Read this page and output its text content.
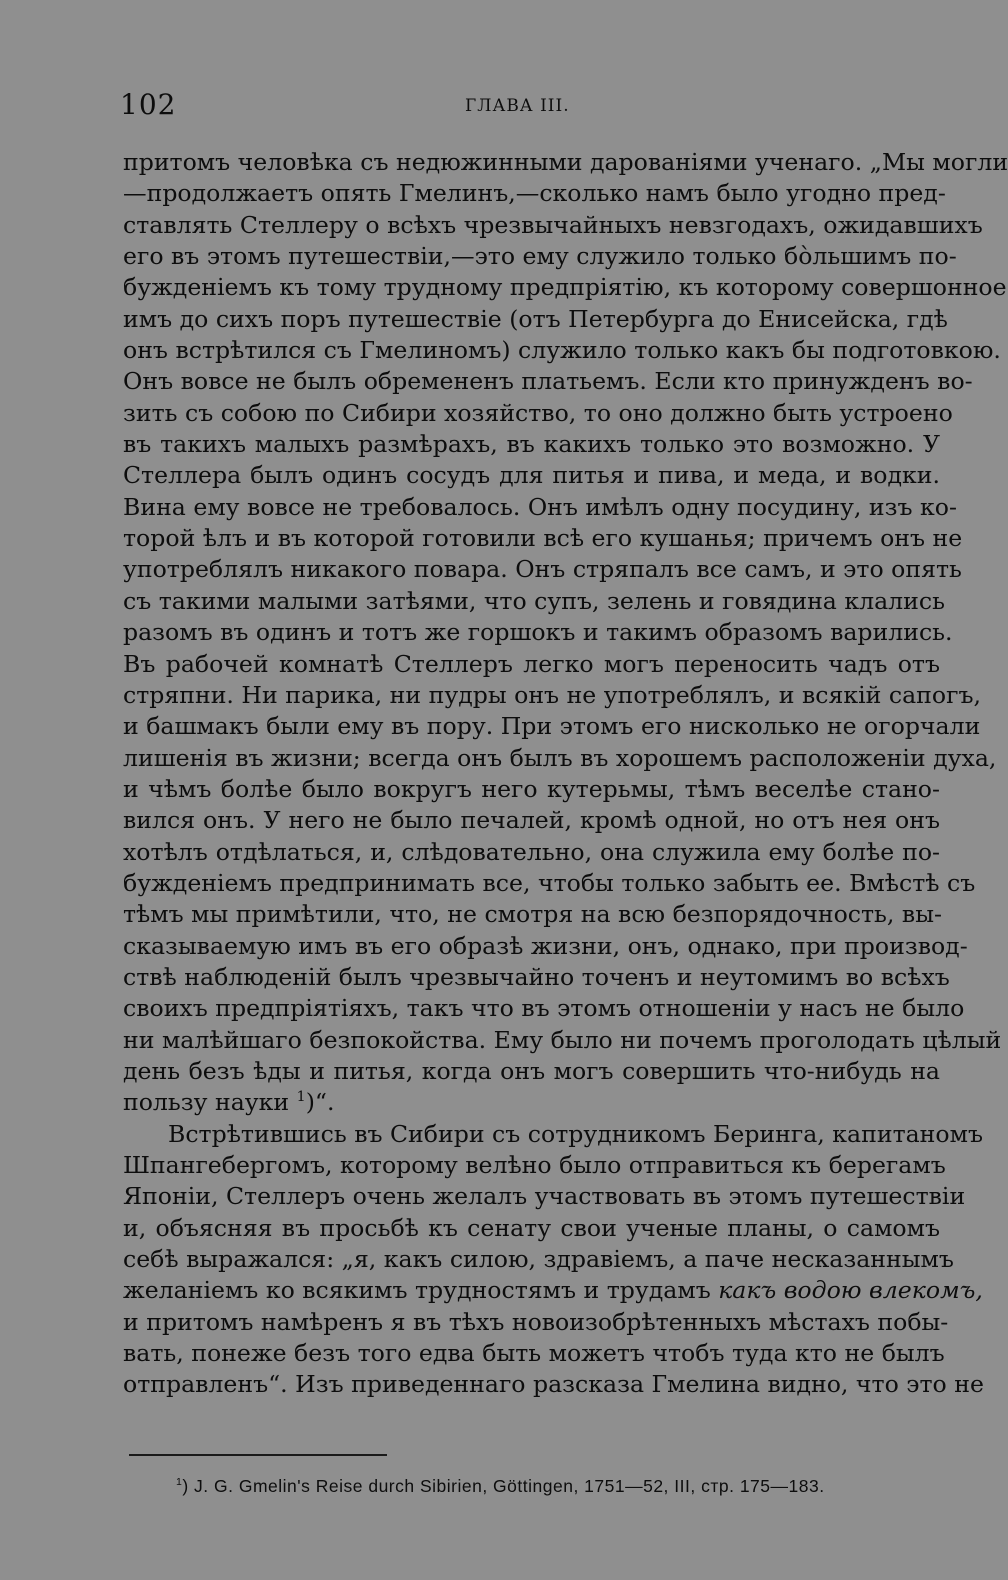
102	ГЛАВА III.
притомъ человѣка съ недюжинными дарованіями ученаго. „Мы могли
—продолжаетъ опять Гмелинъ,—сколько намъ было угодно пред-
ставлять Стеллеру о всѣхъ чрезвычайныхъ невзгодахъ, ожидавшихъ
его въ этомъ путешествіи,—это ему служило только бо̀льшимъ по-
бужденіемъ къ тому трудному предпріятію, къ которому совершонное
имъ до сихъ поръ путешествіе (отъ Петербурга до Енисейска, гдѣ
онъ встрѣтился съ Гмелиномъ) служило только какъ бы подготовкою.
Онъ вовсе не былъ обремененъ платьемъ. Если кто принужденъ во-
зить съ собою по Сибири хозяйство, то оно должно быть устроено
въ такихъ малыхъ размѣрахъ, въ какихъ только это возможно. У
Стеллера былъ одинъ сосудъ для питья и пива, и меда, и водки.
Вина ему вовсе не требовалось. Онъ имѣлъ одну посудину, изъ ко-
торой ѣлъ и въ которой готовили всѣ его кушанья; причемъ онъ не
употреблялъ никакого повара. Онъ стряпалъ все самъ, и это опять
съ такими малыми затѣями, что супъ, зелень и говядина клались
разомъ въ одинъ и тотъ же горшокъ и такимъ образомъ варились.
Въ рабочей комнатѣ Стеллеръ легко могъ переносить чадъ отъ
стряпни. Ни парика, ни пудры онъ не употреблялъ, и всякій сапогъ,
и башмакъ были ему въ пору. При этомъ его нисколько не огорчали
лишенія въ жизни; всегда онъ былъ въ хорошемъ расположеніи духа,
и чѣмъ болѣе было вокругъ него кутерьмы, тѣмъ веселѣе стано-
вился онъ. У него не было печалей, кромѣ одной, но отъ нея онъ
хотѣлъ отдѣлаться, и, слѣдовательно, она служила ему болѣе по-
бужденіемъ предпринимать все, чтобы только забыть ее. Вмѣстѣ съ
тѣмъ мы примѣтили, что, не смотря на всю безпорядочность, вы-
сказываемую имъ въ его образѣ жизни, онъ, однако, при производ-
ствѣ наблюденій былъ чрезвычайно точенъ и неутомимъ во всѣхъ
своихъ предпріятіяхъ, такъ что въ этомъ отношеніи у насъ не было
ни малѣйшаго безпокойства. Ему было ни почемъ проголодать цѣлый
день безъ ѣды и питья, когда онъ могъ совершить что-нибудь на
пользу науки $^1$)“.
Встрѣтившись въ Сибири съ сотрудникомъ Беринга, капитаномъ
Шпангебергомъ, которому велѣно было отправиться къ берегамъ
Японіи, Стеллеръ очень желалъ участвовать въ этомъ путешествіи
и, объясняя въ просьбѣ къ сенату свои ученые планы, о самомъ
себѣ выражался: „я, какъ силою, здравіемъ, а паче несказаннымъ
желаніемъ ко всякимъ трудностямъ и трудамъ какъ водою влекомъ,
и притомъ намѣренъ я въ тѣхъ новоизобрѣтенныхъ мѣстахъ побы-
вать, понеже безъ того едва быть можетъ чтобъ туда кто не былъ
отправленъ“. Изъ приведеннаго разсказа Гмелина видно, что это не
$^1$) J. G. Gmelin's Reise durch Sibirien, Göttingen, 1751—52, III, стр. 175—183.
